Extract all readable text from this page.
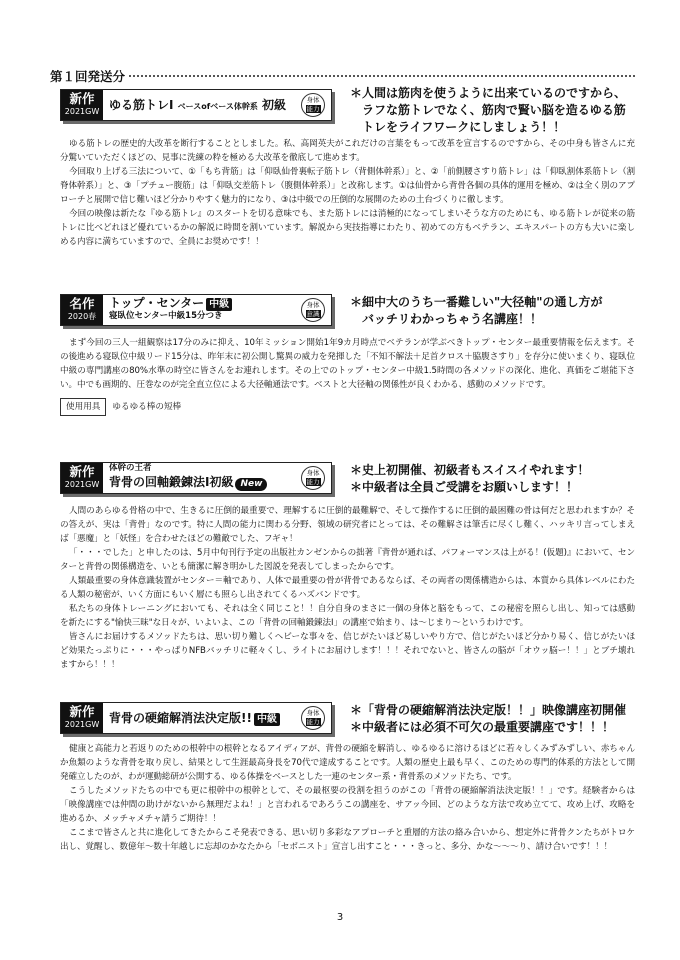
第１回発送分
新作
2021GW ゆる筋トレⅠ ベースofベース体幹系 初級	身体
能力
＊人間は筋肉を使うように出来ているのですから、
ラフな筋トレでなく、筋肉で賢い脳を造るゆる筋
トレをライフワークにしましょう！！

ゆる筋トレの歴史的大改革を断行することとしました。私、高岡英夫がこれだけの言葉をもって改革を宣言するのですから、その中身も皆さんに充分驚いていただくほどの、見事に洗練の粋を極める大改革を徹底して進めます。

今回取り上げる三法について、①「もち背筋」は「仰臥仙骨裏転子筋トレ（背側体幹系）」と、②「前側腰さすり筋トレ」は「仰臥割体系筋トレ（割脊体幹系）」と、③「プチュー腹筋」は「仰臥交差筋トレ（腹側体幹系）」と改称します。①は仙骨から背骨各個の具体的運用を極め、②は全く別のアプローチと展開で信じ難いほど分かりやすく魅力的になり、③は中級での圧倒的な展開のための土台づくりに徹します。

今回の映像は新たな『ゆる筋トレ』のスタートを切る意味でも、また筋トレには消極的になってしまいそうな方のためにも、ゆる筋トレが従来の筋トレに比べどれほど優れているかの解説に時間を割いています。解説から実技指導にわたり、初めての方もベテラン、エキスパートの方も大いに楽しめる内容に満ちていますので、全員にお奨めです！！

名作
2020春
トップ・センター 中級
寝臥位センター中級15分つき
身体
意識
＊細中大のうち一番難しい"大径軸"の通し方が
バッチリわかっちゃう名講座！！

まず今回の三人一組観察は17分のみに抑え、10年ミッション開始1年9カ月時点でベテランが学ぶべきトップ・センター最重要情報を伝えます。その後進める寝臥位中級リード15分は、昨年末に初公開し驚異の威力を発揮した「不知不解法＋足首クロス＋脇腹さすり」を存分に使いまくり、寝臥位中級の専門講座の80%水準の時空に皆さんをお連れします。その上でのトップ・センター中級1.5時間の各メソッドの深化、進化、真価をご堪能下さい。中でも画期的、圧巻なのが完全直立位による大径軸通法です。ベストと大径軸の関係性が良くわかる、感動のメソッドです。

使用用具 ゆるゆる棒の短棒
新作
2021GW
体幹の王者
背骨の回軸鍛錬法Ⅰ初級 New
身体
能力
＊史上初開催、初級者もスイスイやれます！
＊中級者は全員ご受講をお願いします！！

人間のあらゆる骨格の中で、生きるに圧倒的最重要で、理解するに圧倒的最難解で、そして操作するに圧倒的最困難の骨は何だと思われますか？その答えが、実は「背骨」なのです。特に人間の能力に関わる分野、領域の研究者にとっては、その難解さは筆舌に尽くし難く、ハッキリ言ってしまえば「悪魔」と「妖怪」を合わせたほどの難敵でした、フギャ！

「・・・でした」と申したのは、5月中旬刊行予定の出版社カンゼンからの拙著『背骨が通れば、パフォーマンスは上がる！(仮題)』において、センターと背骨の関係構造を、いとも簡潔に解き明かした図説を発表してしまったからです。

人類最重要の身体意識装置がセンター＝軸であり、人体で最重要の骨が背骨であるならば、その両者の関係構造からは、本質から具体レベルにわたる人類の秘密が、いく方面にもいく層にも照らし出されてくるハズバンドです。

私たちの身体トレーニングにおいても、それは全く同じこと！！自分自身のまさに一個の身体と脳をもって、この秘密を照らし出し、知っては感動を新たにする"愉快三昧"な日々が、いよいよ、この「背骨の回軸鍛錬法Ⅰ」の講座で始まり、は～じまり～というわけです。

皆さんにお届けするメソッドたちは、思い切り難しくヘビーな事々を、信じがたいほど易しいやり方で、信じがたいほど分かり易く、信じがたいほど効果たっぷりに・・・やっぱりNFBバッチリに軽々くし、ライトにお届けします！！！それでないと、皆さんの脳が「オウッ脳ー！！」とブチ壊れますから！！！

新作
2021GW 背骨の硬縮解消法決定版!! 中級
身体
能力
＊「背骨の硬縮解消法決定版！！」映像講座初開催
＊中級者には必須不可欠の最重要講座です！！！

健康と高能力と若返りのための根幹中の根幹となるアイディアが、背骨の硬縮を解消し、ゆるゆるに溶けるほどに若々しくみずみずしい、赤ちゃんか魚類のような背骨を取り戻し、結果として生涯最高身長を70代で達成することです。人類の歴史上最も早く、このための専門的体系的方法として開発確立したのが、わが運動総研が公開する、ゆる体操をベースとした一連のセンター系・背骨系のメソッドたち、です。

こうしたメソッドたちの中でも更に根幹中の根幹として、その最枢要の役割を担うのがこの「背骨の硬縮解消法決定版！！」です。経験者からは「映像講座では仲間の助けがないから無理だよね！」と言われるであろうこの講座を、サアッ今回、どのような方法で攻め立てて、攻め上げ、攻略を進めるか、メッチャメチャ請うご期待！！

ここまで皆さんと共に進化してきたからこそ発表できる、思い切り多彩なアプローチと重層的方法の絡み合いから、想定外に背骨クンたちがトロケ出し、覚醒し、数億年～数十年越しに忘却のかなたから「セボニスト」宣言し出すこと・・・きっと、多分、かな～～～り、請け合いです！！！

3
